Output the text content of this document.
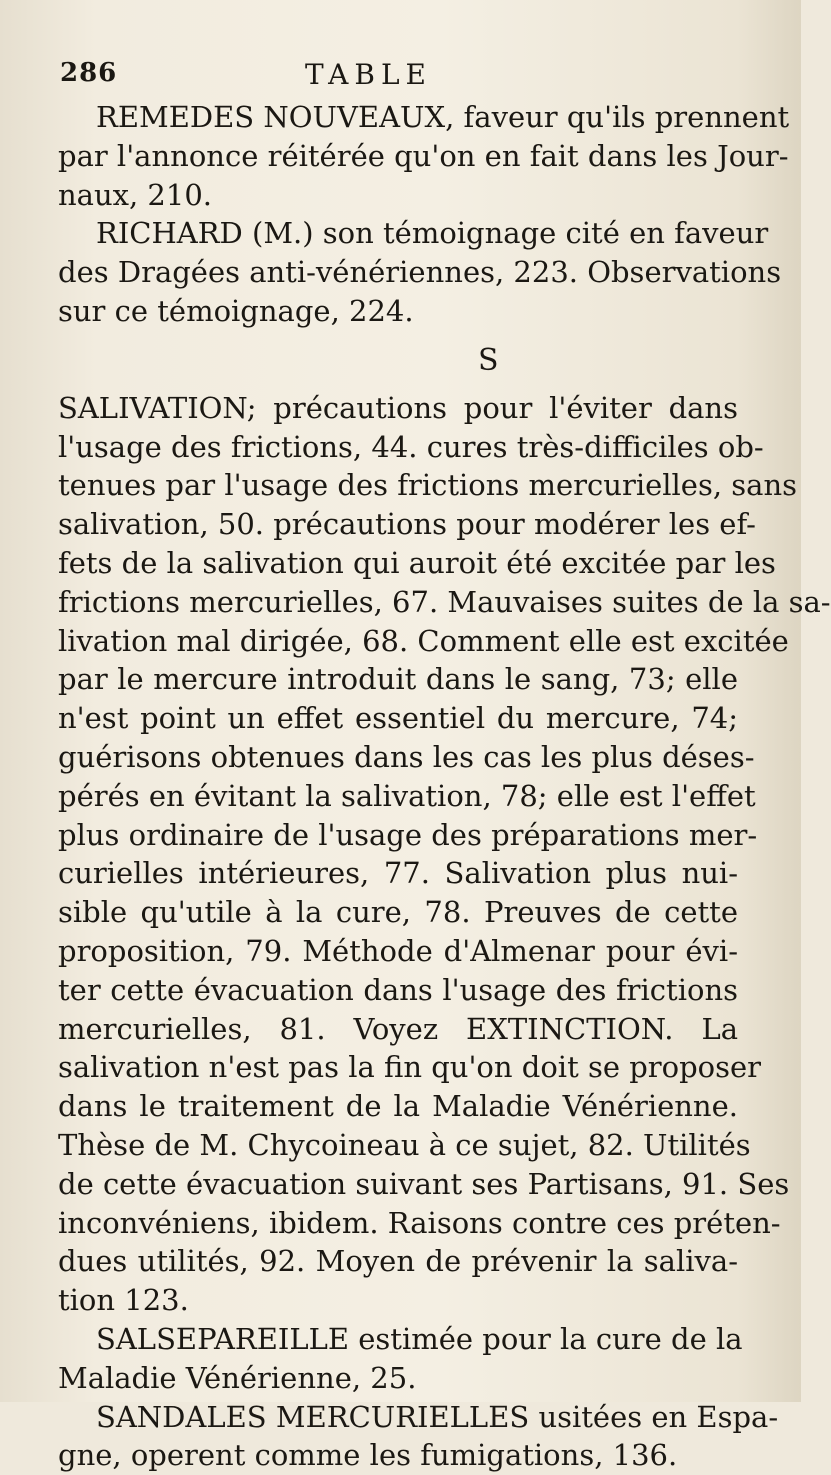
286	TABLE
REMEDES NOUVEAUX, faveur qu'ils prennent
par l'annonce réitérée qu'on en fait dans les Jour-
naux, 210.
RICHARD (M.) son témoignage cité en faveur
des Dragées anti-vénériennes, 223. Observations
sur ce témoignage, 224.
S
SALIVATION; précautions pour l'éviter dans
l'usage des frictions, 44. cures très-difficiles ob-
tenues par l'usage des frictions mercurielles, sans
salivation, 50. précautions pour modérer les ef-
fets de la salivation qui auroit été excitée par les
frictions mercurielles, 67. Mauvaises suites de la sa-
livation mal dirigée, 68. Comment elle est excitée
par le mercure introduit dans le sang, 73; elle
n'est point un effet essentiel du mercure, 74;
guérisons obtenues dans les cas les plus déses-
pérés en évitant la salivation, 78; elle est l'effet
plus ordinaire de l'usage des préparations mer-
curielles intérieures, 77. Salivation plus nui-
sible qu'utile à la cure, 78. Preuves de cette
proposition, 79. Méthode d'Almenar pour évi-
ter cette évacuation dans l'usage des frictions
mercurielles, 81. Voyez EXTINCTION. La
salivation n'est pas la fin qu'on doit se proposer
dans le traitement de la Maladie Vénérienne.
Thèse de M. Chycoineau à ce sujet, 82. Utilités
de cette évacuation suivant ses Partisans, 91. Ses
inconvéniens, ibidem. Raisons contre ces préten-
dues utilités, 92. Moyen de prévenir la saliva-
tion 123.
SALSEPAREILLE estimée pour la cure de la
Maladie Vénérienne, 25.
SANDALES MERCURIELLES usitées en Espa-
gne, operent comme les fumigations, 136.
